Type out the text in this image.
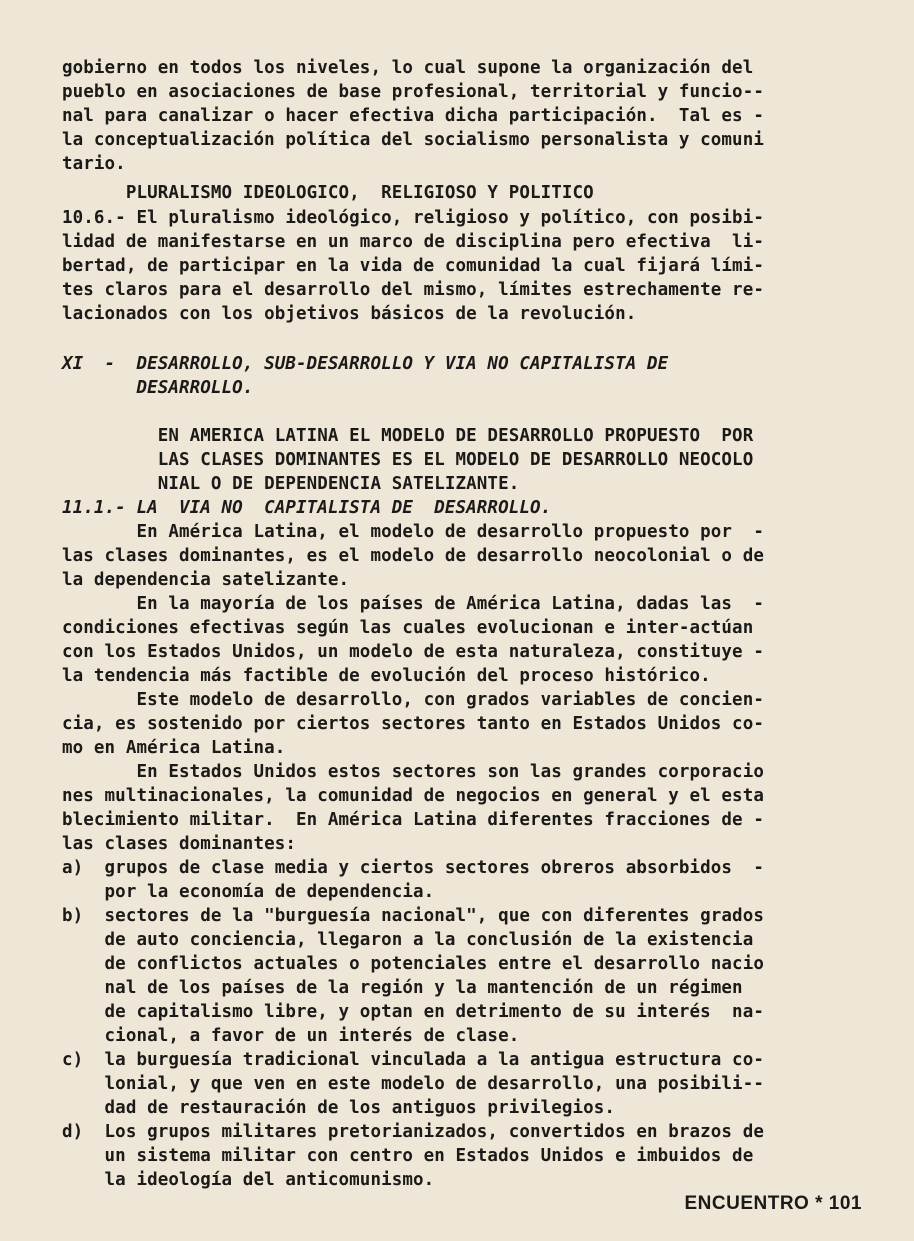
gobierno en todos los niveles, lo cual supone la organización del
pueblo en asociaciones de base profesional, territorial y funcio--
nal para canalizar o hacer efectiva dicha participación.  Tal es -
la conceptualización política del socialismo personalista y comuni
tario.
PLURALISMO IDEOLOGICO,  RELIGIOSO Y POLITICO
10.6.- El pluralismo ideológico, religioso y político, con posibi-
lidad de manifestarse en un marco de disciplina pero efectiva  li-
bertad, de participar en la vida de comunidad la cual fijará lími-
tes claros para el desarrollo del mismo, límites estrechamente re-
lacionados con los objetivos básicos de la revolución.
XI  -  DESARROLLO, SUB-DESARROLLO Y VIA NO CAPITALISTA DE
DESARROLLO.
EN AMERICA LATINA EL MODELO DE DESARROLLO PROPUESTO  POR
LAS CLASES DOMINANTES ES EL MODELO DE DESARROLLO NEOCOLO
NIAL O DE DEPENDENCIA SATELIZANTE.
11.1.- LA  VIA NO  CAPITALISTA DE  DESARROLLO.
En América Latina, el modelo de desarrollo propuesto por  -
las clases dominantes, es el modelo de desarrollo neocolonial o de
la dependencia satelizante.
En la mayoría de los países de América Latina, dadas las  -
condiciones efectivas según las cuales evolucionan e inter-actúan
con los Estados Unidos, un modelo de esta naturaleza, constituye -
la tendencia más factible de evolución del proceso histórico.
Este modelo de desarrollo, con grados variables de concien-
cia, es sostenido por ciertos sectores tanto en Estados Unidos co-
mo en América Latina.
En Estados Unidos estos sectores son las grandes corporacio
nes multinacionales, la comunidad de negocios en general y el esta
blecimiento militar.  En América Latina diferentes fracciones de -
las clases dominantes:
a)  grupos de clase media y ciertos sectores obreros absorbidos  -
por la economía de dependencia.
b)  sectores de la "burguesía nacional", que con diferentes grados
de auto conciencia, llegaron a la conclusión de la existencia
de conflictos actuales o potenciales entre el desarrollo nacio
nal de los países de la región y la mantención de un régimen
de capitalismo libre, y optan en detrimento de su interés  na-
cional, a favor de un interés de clase.
c)  la burguesía tradicional vinculada a la antigua estructura co-
lonial, y que ven en este modelo de desarrollo, una posibili--
dad de restauración de los antiguos privilegios.
d)  Los grupos militares pretorianizados, convertidos en brazos de
un sistema militar con centro en Estados Unidos e imbuidos de
la ideología del anticomunismo.
ENCUENTRO * 101
